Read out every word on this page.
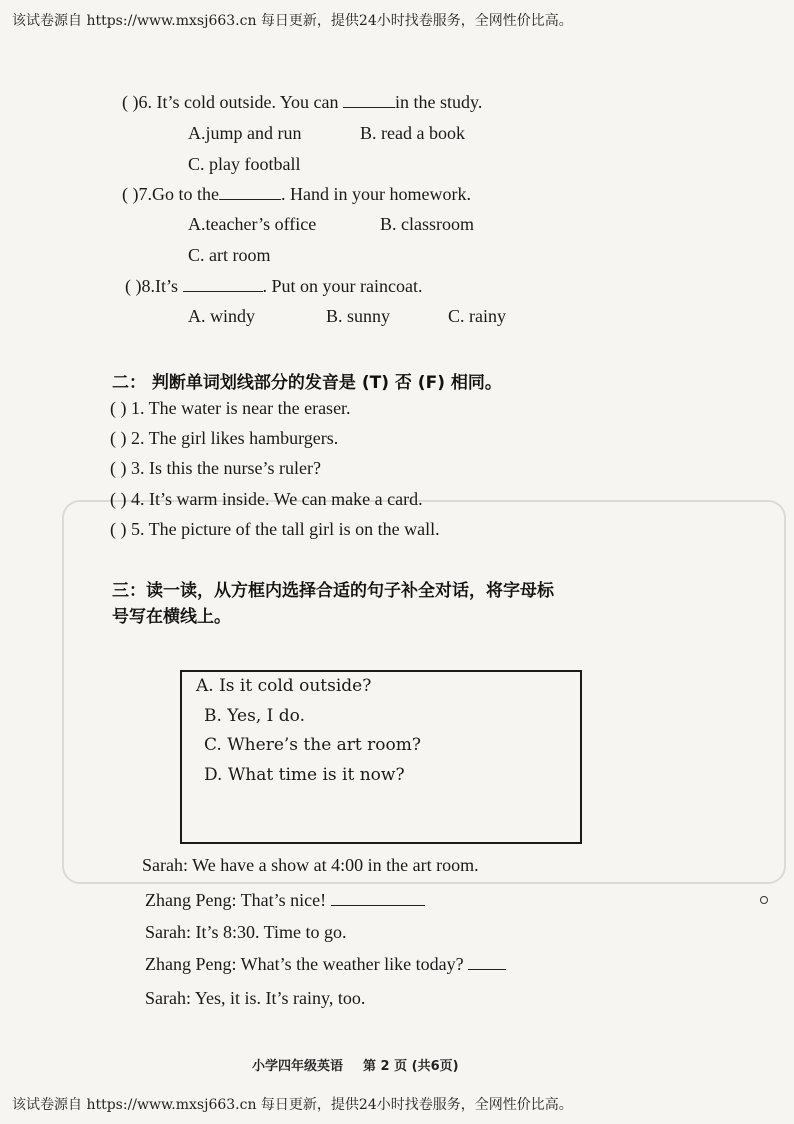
该试卷源自 https://www.mxsj663.cn 每日更新，提供24小时找卷服务，全网性价比高。
( )6. It’s cold outside. You can	in the study.
A.jump and run	B. read a book
C. play football
( )7.Go to the	. Hand in your homework.
A.teacher’s office	B. classroom
C. art room
( )8.It’s	. Put on your raincoat.
A. windy	B. sunny	C. rainy
二： 判断单词划线部分的发音是 (T) 否 (F) 相同。
( ) 1. The water is near the eraser.
( ) 2. The girl likes hamburgers.
( ) 3. Is this the nurse’s ruler?
( ) 4. It’s warm inside. We can make a card.
( ) 5. The picture of the tall girl is on the wall.
三：读一读，从方框内选择合适的句子补全对话，将字母标
号写在横线上。
A. Is it cold outside?
B. Yes, I do.
C. Where’s the art room?
D. What time is it now?
Sarah: We have a show at 4:00 in the art room.
Zhang Peng: That’s nice!
Sarah: It’s 8:30. Time to go.
Zhang Peng: What’s the weather like today?
Sarah: Yes, it is. It’s rainy, too.
小学四年级英语 第 2 页 (共6页)
该试卷源自 https://www.mxsj663.cn 每日更新，提供24小时找卷服务，全网性价比高。
